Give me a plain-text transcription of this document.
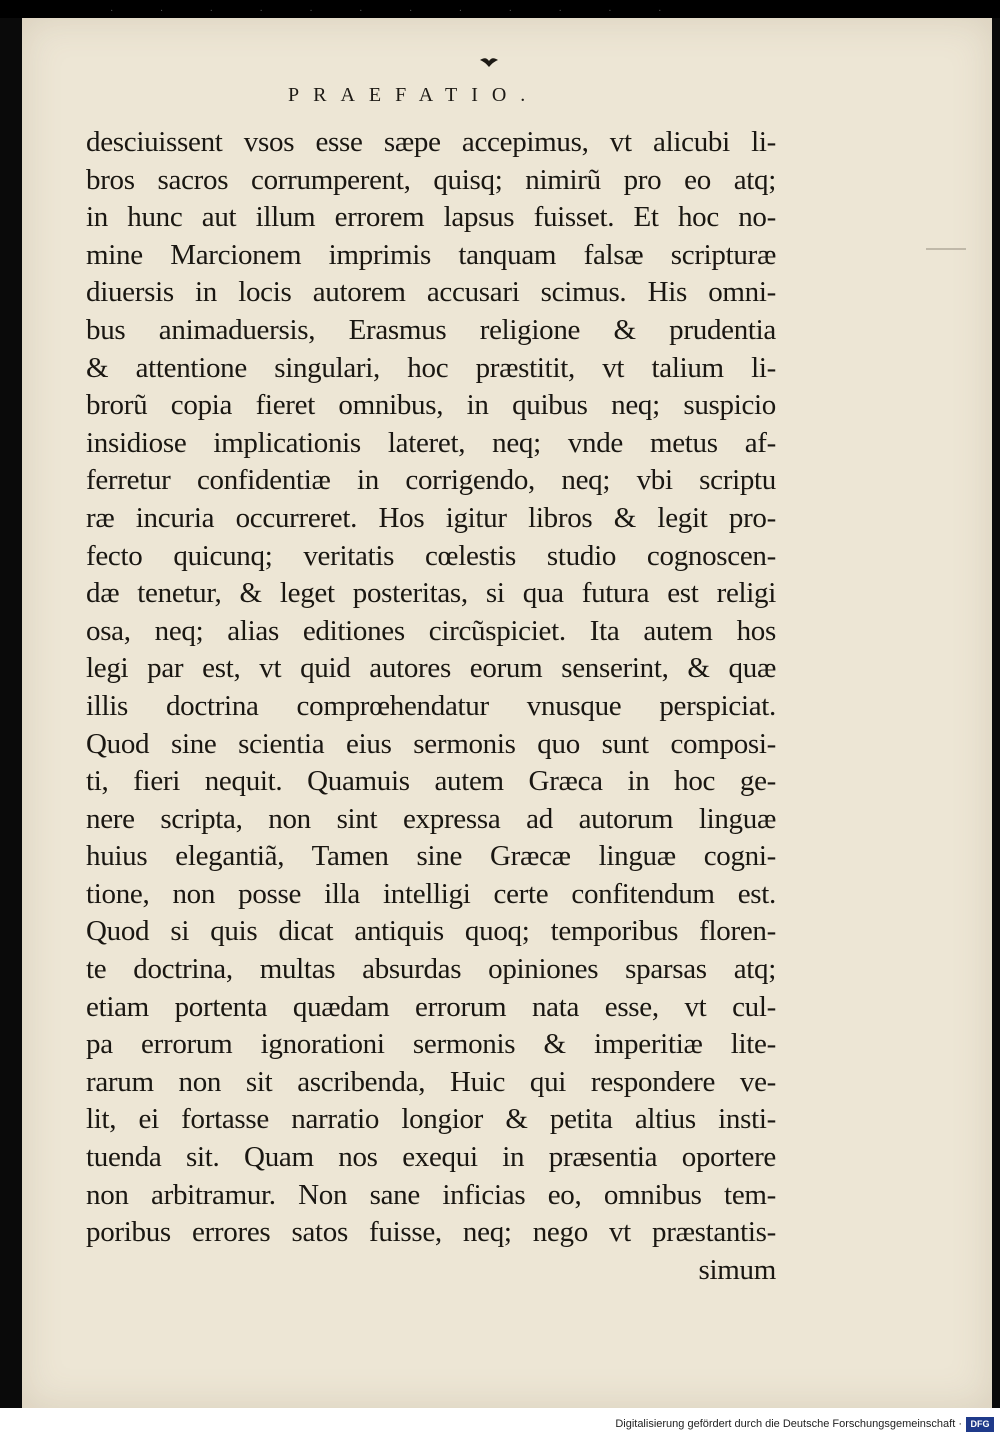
· · · · · · · · · · · ·
PRAEFATIO.
desciuissent vsos esse sæpe accepimus, vt alicubi li-
bros sacros corrumperent, quisq; nimirũ pro eo atq;
in hunc aut illum errorem lapsus fuisset. Et hoc no-
mine Marcionem imprimis tanquam falsæ scripturæ
diuersis in locis autorem accusari scimus. His omni-
bus animaduersis, Erasmus religione & prudentia
& attentione singulari, hoc præstitit, vt talium li-
brorũ copia fieret omnibus, in quibus neq; suspicio
insidiose implicationis lateret, neq; vnde metus af-
ferretur confidentiæ in corrigendo, neq; vbi scriptu
ræ incuria occurreret. Hos igitur libros & legit pro-
fecto quicunq; veritatis cœlestis studio cognoscen-
dæ tenetur, & leget posteritas, si qua futura est religi
osa, neq; alias editiones circũspiciet. Ita autem hos
legi par est, vt quid autores eorum senserint, & quæ
illis doctrina comprœhendatur vnusque perspiciat.
Quod sine scientia eius sermonis quo sunt composi-
ti, fieri nequit. Quamuis autem Græca in hoc ge-
nere scripta, non sint expressa ad autorum linguæ
huius elegantiã, Tamen sine Græcæ linguæ cogni-
tione, non posse illa intelligi certe confitendum est.
Quod si quis dicat antiquis quoq; temporibus floren-
te doctrina, multas absurdas opiniones sparsas atq;
etiam portenta quædam errorum nata esse, vt cul-
pa errorum ignorationi sermonis & imperitiæ lite-
rarum non sit ascribenda, Huic qui respondere ve-
lit, ei fortasse narratio longior & petita altius insti-
tuenda sit. Quam nos exequi in præsentia oportere
non arbitramur. Non sane inficias eo, omnibus tem-
poribus errores satos fuisse, neq; nego vt præstantis-
simum
Digitalisierung gefördert durch die Deutsche Forschungsgemeinschaft · DFG
